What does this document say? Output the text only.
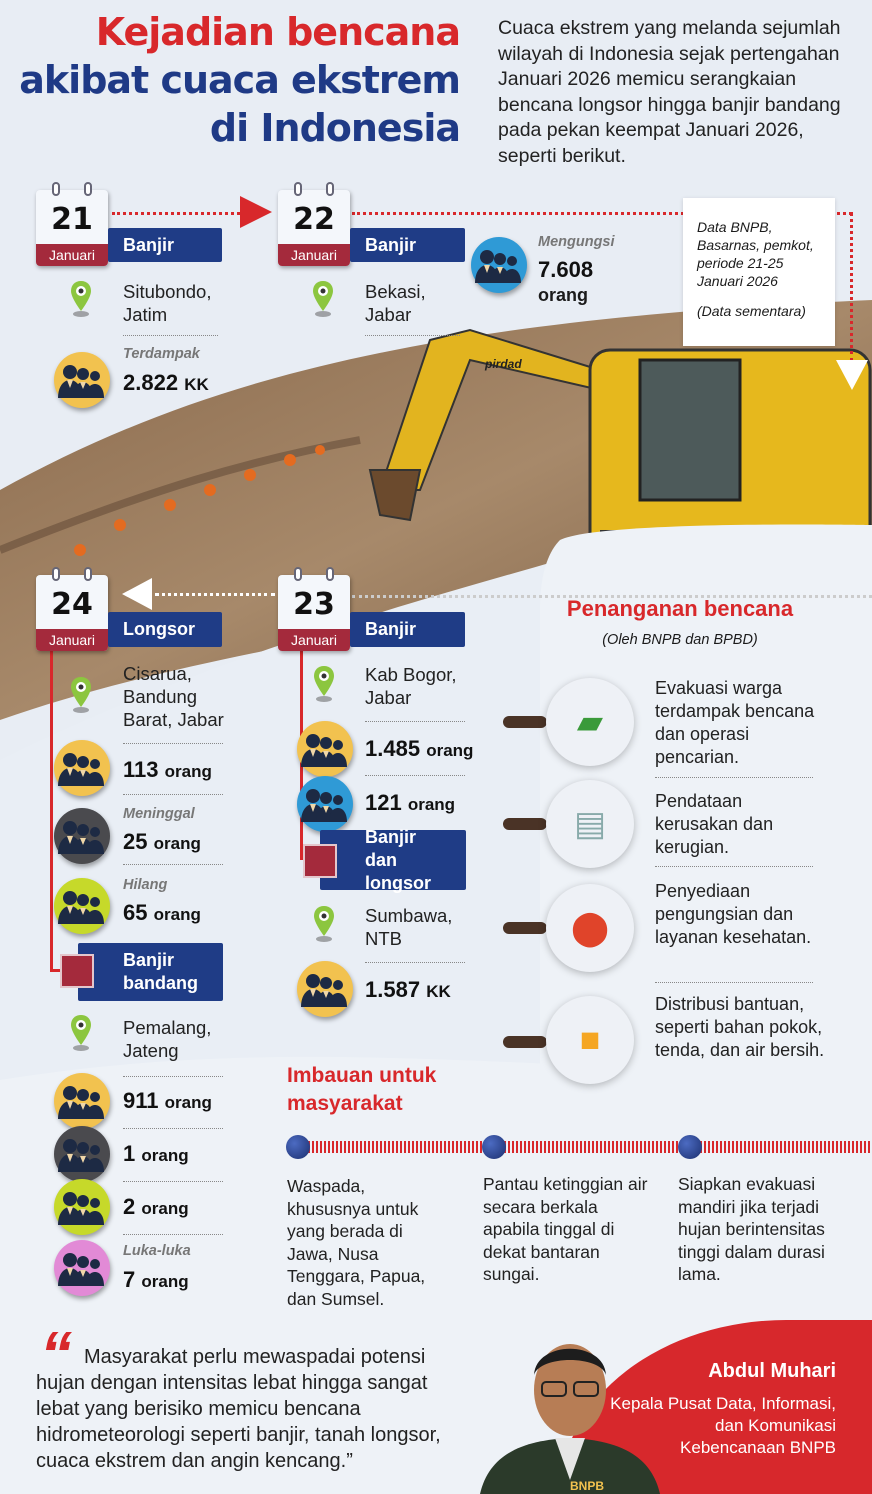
pirdad
Kejadian bencana
akibat cuaca ekstrem
di Indonesia
Cuaca ekstrem yang melanda sejumlah wilayah di Indonesia sejak pertengahan Januari 2026 memicu serangkaian bencana longsor hingga banjir bandang pada pekan keempat Januari 2026, seperti berikut.
Data BNPB, Basarnas, pemkot, periode 21-25 Januari 2026
(Data sementara)
21
Januari
Banjir
Situbondo, Jatim
Terdampak
2.822 KK
22
Januari
Banjir
Bekasi, Jabar
Mengungsi
7.608
orang
24
Januari
Longsor
Cisarua, Bandung Barat, Jabar
113 orang
Meninggal
25 orang
Hilang
65 orang
Banjir bandang
Pemalang, Jateng
911 orang
1 orang
2 orang
Luka-luka
7 orang
23
Januari
Banjir
Kab Bogor, Jabar
1.485 orang
121 orang
Banjir dan longsor
Sumbawa, NTB
1.587 KK
Penanganan bencana
(Oleh BNPB dan BPBD)
▰
Evakuasi warga terdampak bencana dan operasi pencarian.
▤
Pendataan kerusakan dan kerugian.
⬤
Penyediaan pengungsian dan layanan kesehatan.
■
Distribusi bantuan, seperti bahan pokok, tenda, dan air bersih.
Imbauan untuk masyarakat
Waspada, khususnya untuk yang berada di Jawa, Nusa Tenggara, Papua, dan Sumsel.
Pantau ketinggian air secara berkala apabila tinggal di dekat bantaran sungai.
Siapkan evakuasi mandiri jika terjadi hujan berintensitas tinggi dalam durasi lama.
“ Masyarakat perlu mewaspadai potensi hujan dengan intensitas lebat hingga sangat lebat yang berisiko memicu bencana hidrometeorologi seperti banjir, tanah longsor, cuaca ekstrem dan angin kencang.”
BNPB
Abdul Muhari
Kepala Pusat Data, Informasi, dan Komunikasi Kebencanaan BNPB
